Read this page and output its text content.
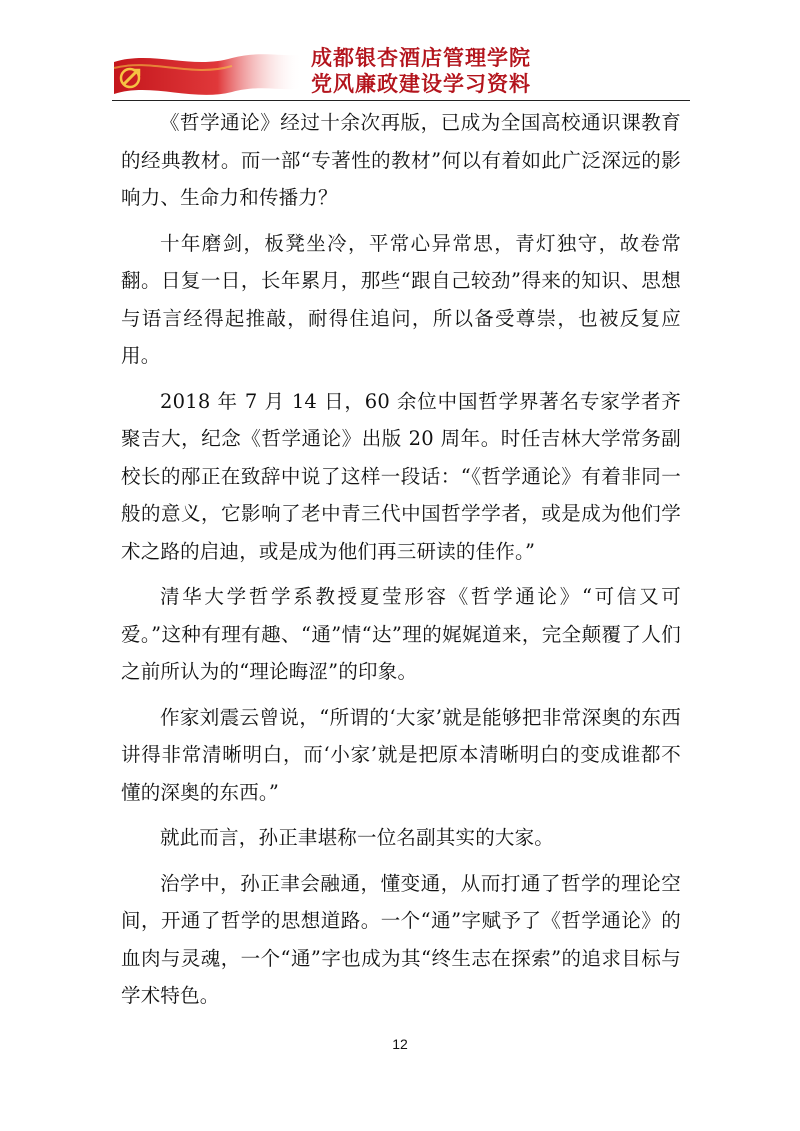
成都银杏酒店管理学院
党风廉政建设学习资料

《哲学通论》经过十余次再版，已成为全国高校通识课教育的经典教材。而一部“专著性的教材”何以有着如此广泛深远的影响力、生命力和传播力？

十年磨剑，板凳坐冷，平常心异常思，青灯独守，故卷常翻。日复一日，长年累月，那些“跟自己较劲”得来的知识、思想与语言经得起推敲，耐得住追问，所以备受尊崇，也被反复应用。

2018 年 7 月 14 日，60 余位中国哲学界著名专家学者齐聚吉大，纪念《哲学通论》出版 20 周年。时任吉林大学常务副校长的邴正在致辞中说了这样一段话：“《哲学通论》有着非同一般的意义，它影响了老中青三代中国哲学学者，或是成为他们学术之路的启迪，或是成为他们再三研读的佳作。”

清华大学哲学系教授夏莹形容《哲学通论》“可信又可爱。”这种有理有趣、“通”情“达”理的娓娓道来，完全颠覆了人们之前所认为的“理论晦涩”的印象。

作家刘震云曾说，“所谓的‘大家’就是能够把非常深奥的东西讲得非常清晰明白，而‘小家’就是把原本清晰明白的变成谁都不懂的深奥的东西。”

就此而言，孙正聿堪称一位名副其实的大家。

治学中，孙正聿会融通，懂变通，从而打通了哲学的理论空间，开通了哲学的思想道路。一个“通”字赋予了《哲学通论》的血肉与灵魂，一个“通”字也成为其“终生志在探索”的追求目标与学术特色。

12
